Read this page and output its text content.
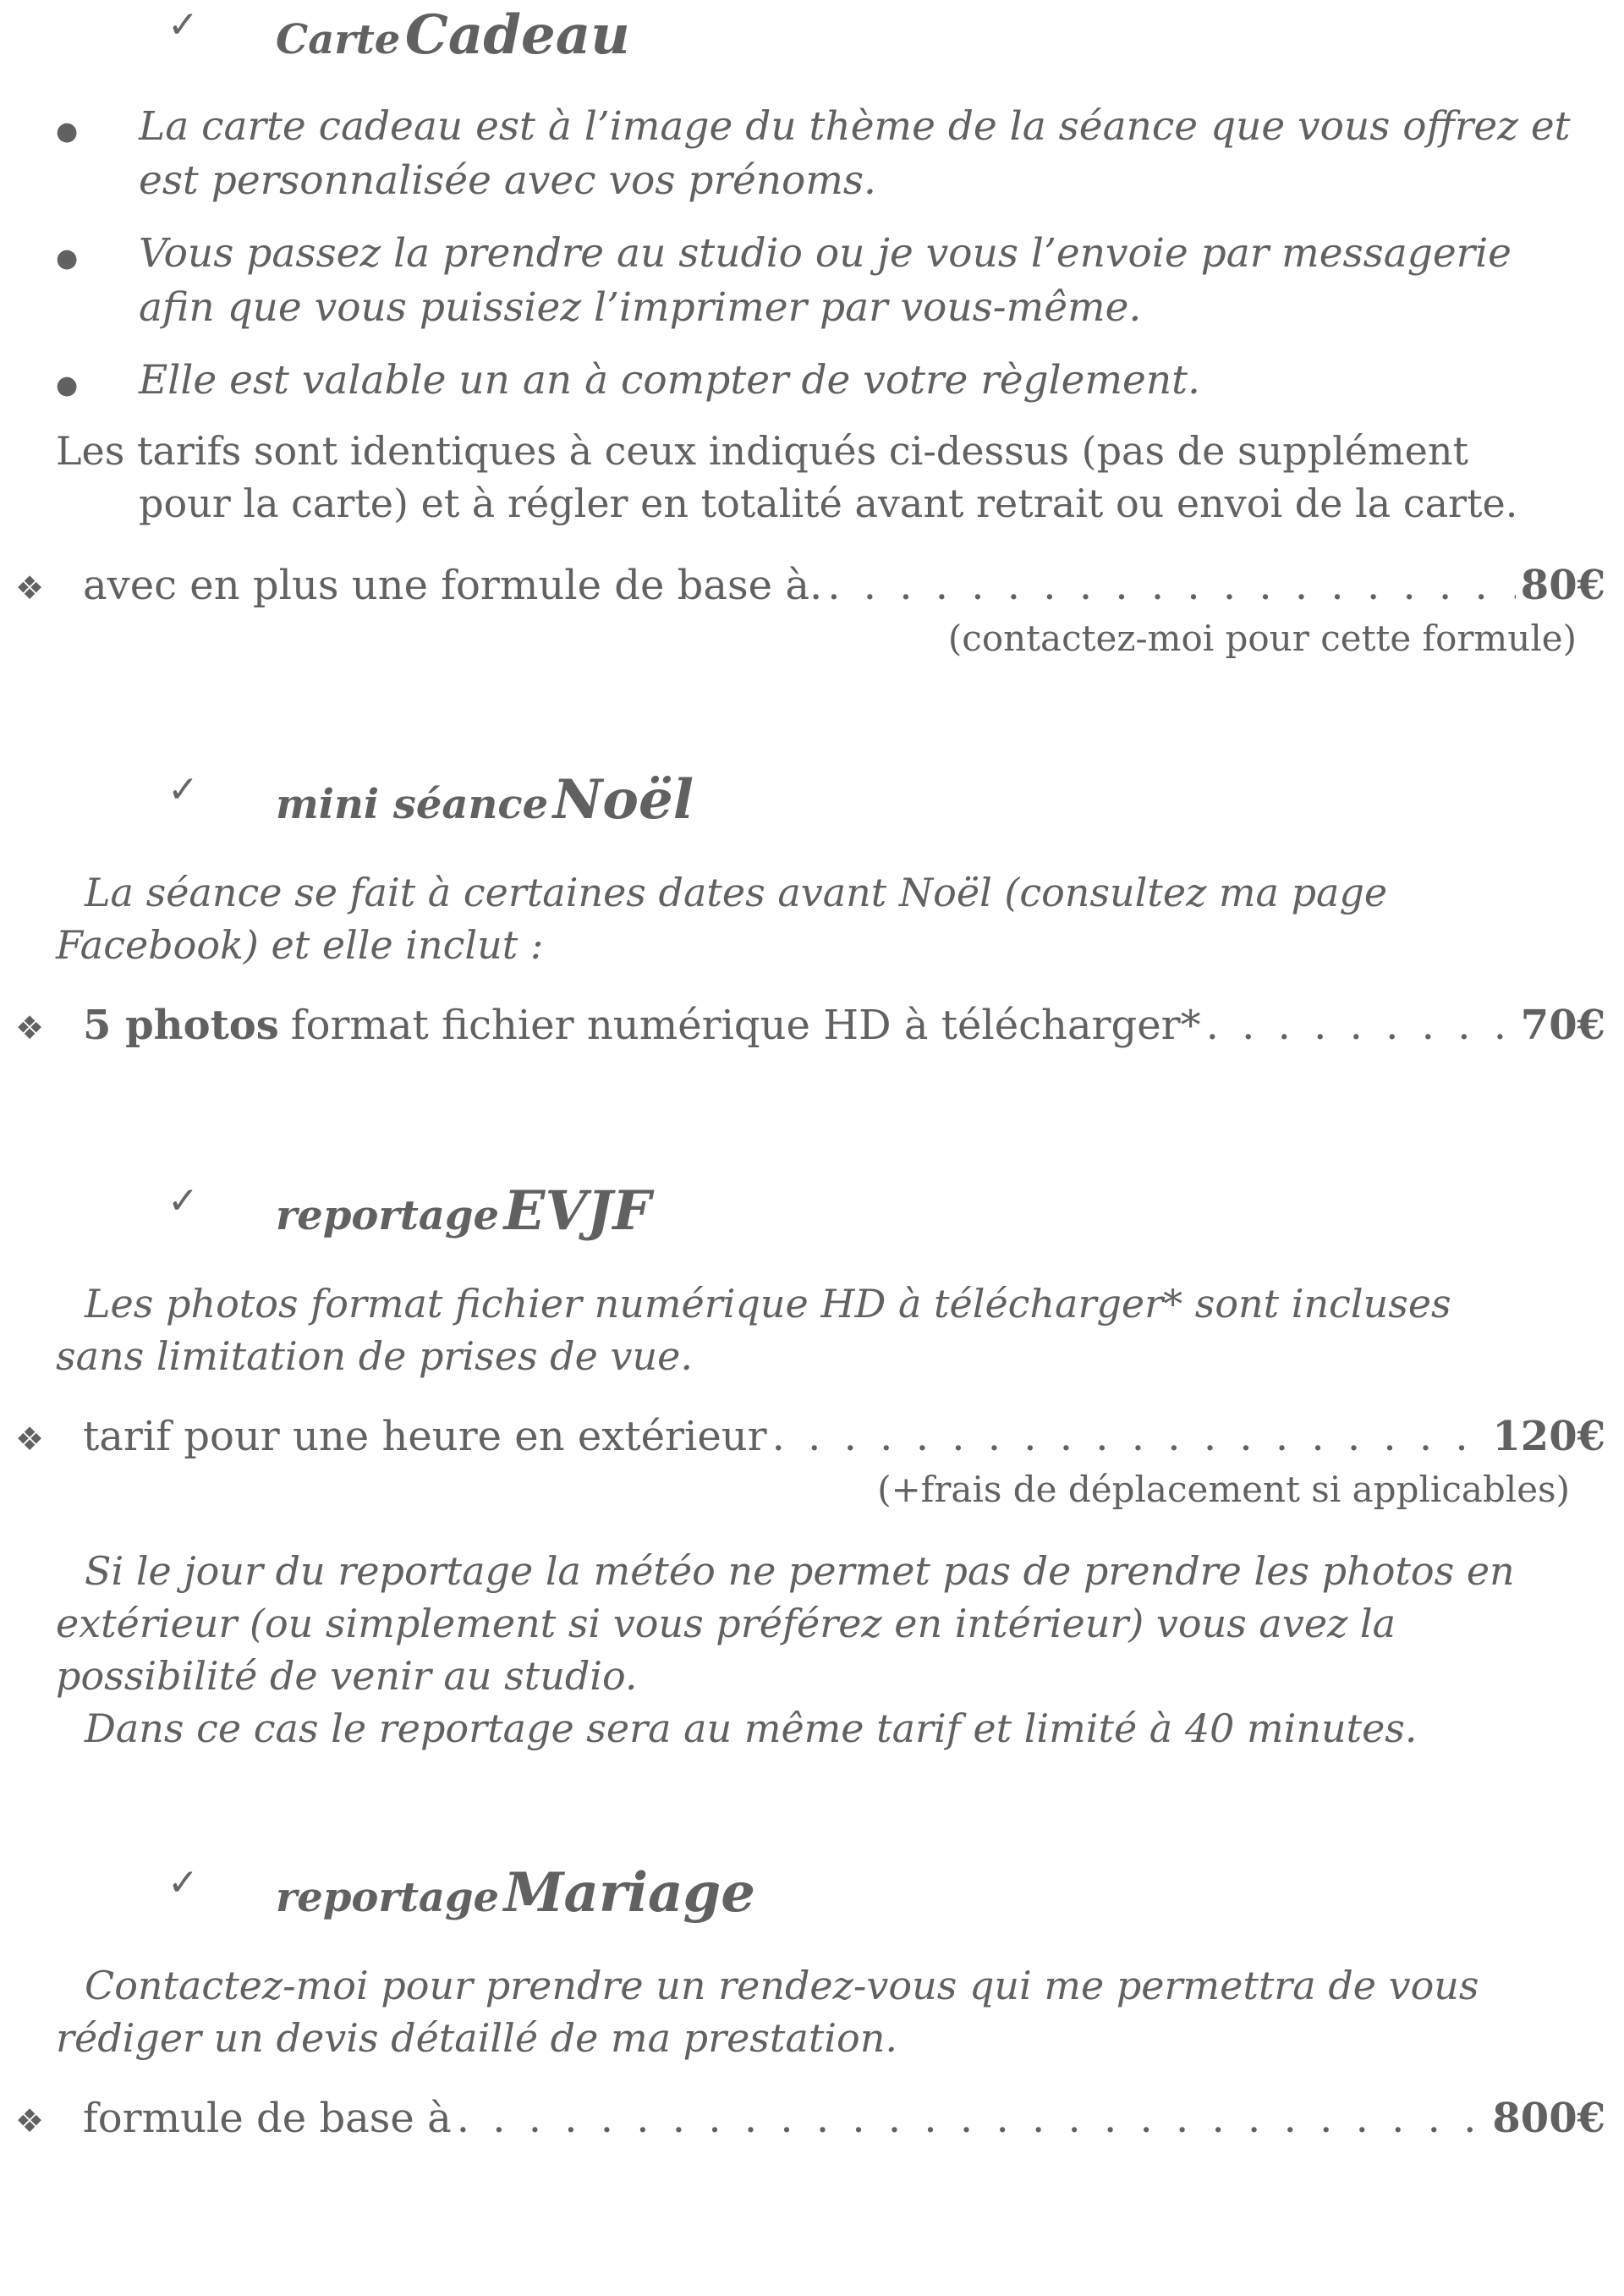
✓ Carte Cadeau
● La carte cadeau est à l’image du thème de la séance que vous offrez et est personnalisée avec vos prénoms.
● Vous passez la prendre au studio ou je vous l’envoie par messagerie afin que vous puissiez l’imprimer par vous-même.
● Elle est valable un an à compter de votre règlement.
Les tarifs sont identiques à ceux indiqués ci-dessus (pas de supplément
pour la carte) et à régler en totalité avant retrait ou envoi de la carte.
❖ avec en plus une formule de base à. . . .	80€
(contactez-moi pour cette formule)
✓ mini séance Noël
La séance se fait à certaines dates avant Noël (consultez ma page Facebook) et elle inclut :
❖ 5 photos format fichier numérique HD à télécharger* . . .	70€
✓ reportage EVJF
Les photos format fichier numérique HD à télécharger* sont incluses sans limitation de prises de vue.
❖ tarif pour une heure en extérieur . . .	120€
(+frais de déplacement si applicables)
Si le jour du reportage la météo ne permet pas de prendre les photos en extérieur (ou simplement si vous préférez en intérieur) vous avez la possibilité de venir au studio.
Dans ce cas le reportage sera au même tarif et limité à 40 minutes.
✓ reportage Mariage
Contactez-moi pour prendre un rendez-vous qui me permettra de vous rédiger un devis détaillé de ma prestation.
❖ formule de base à . . .	800€
